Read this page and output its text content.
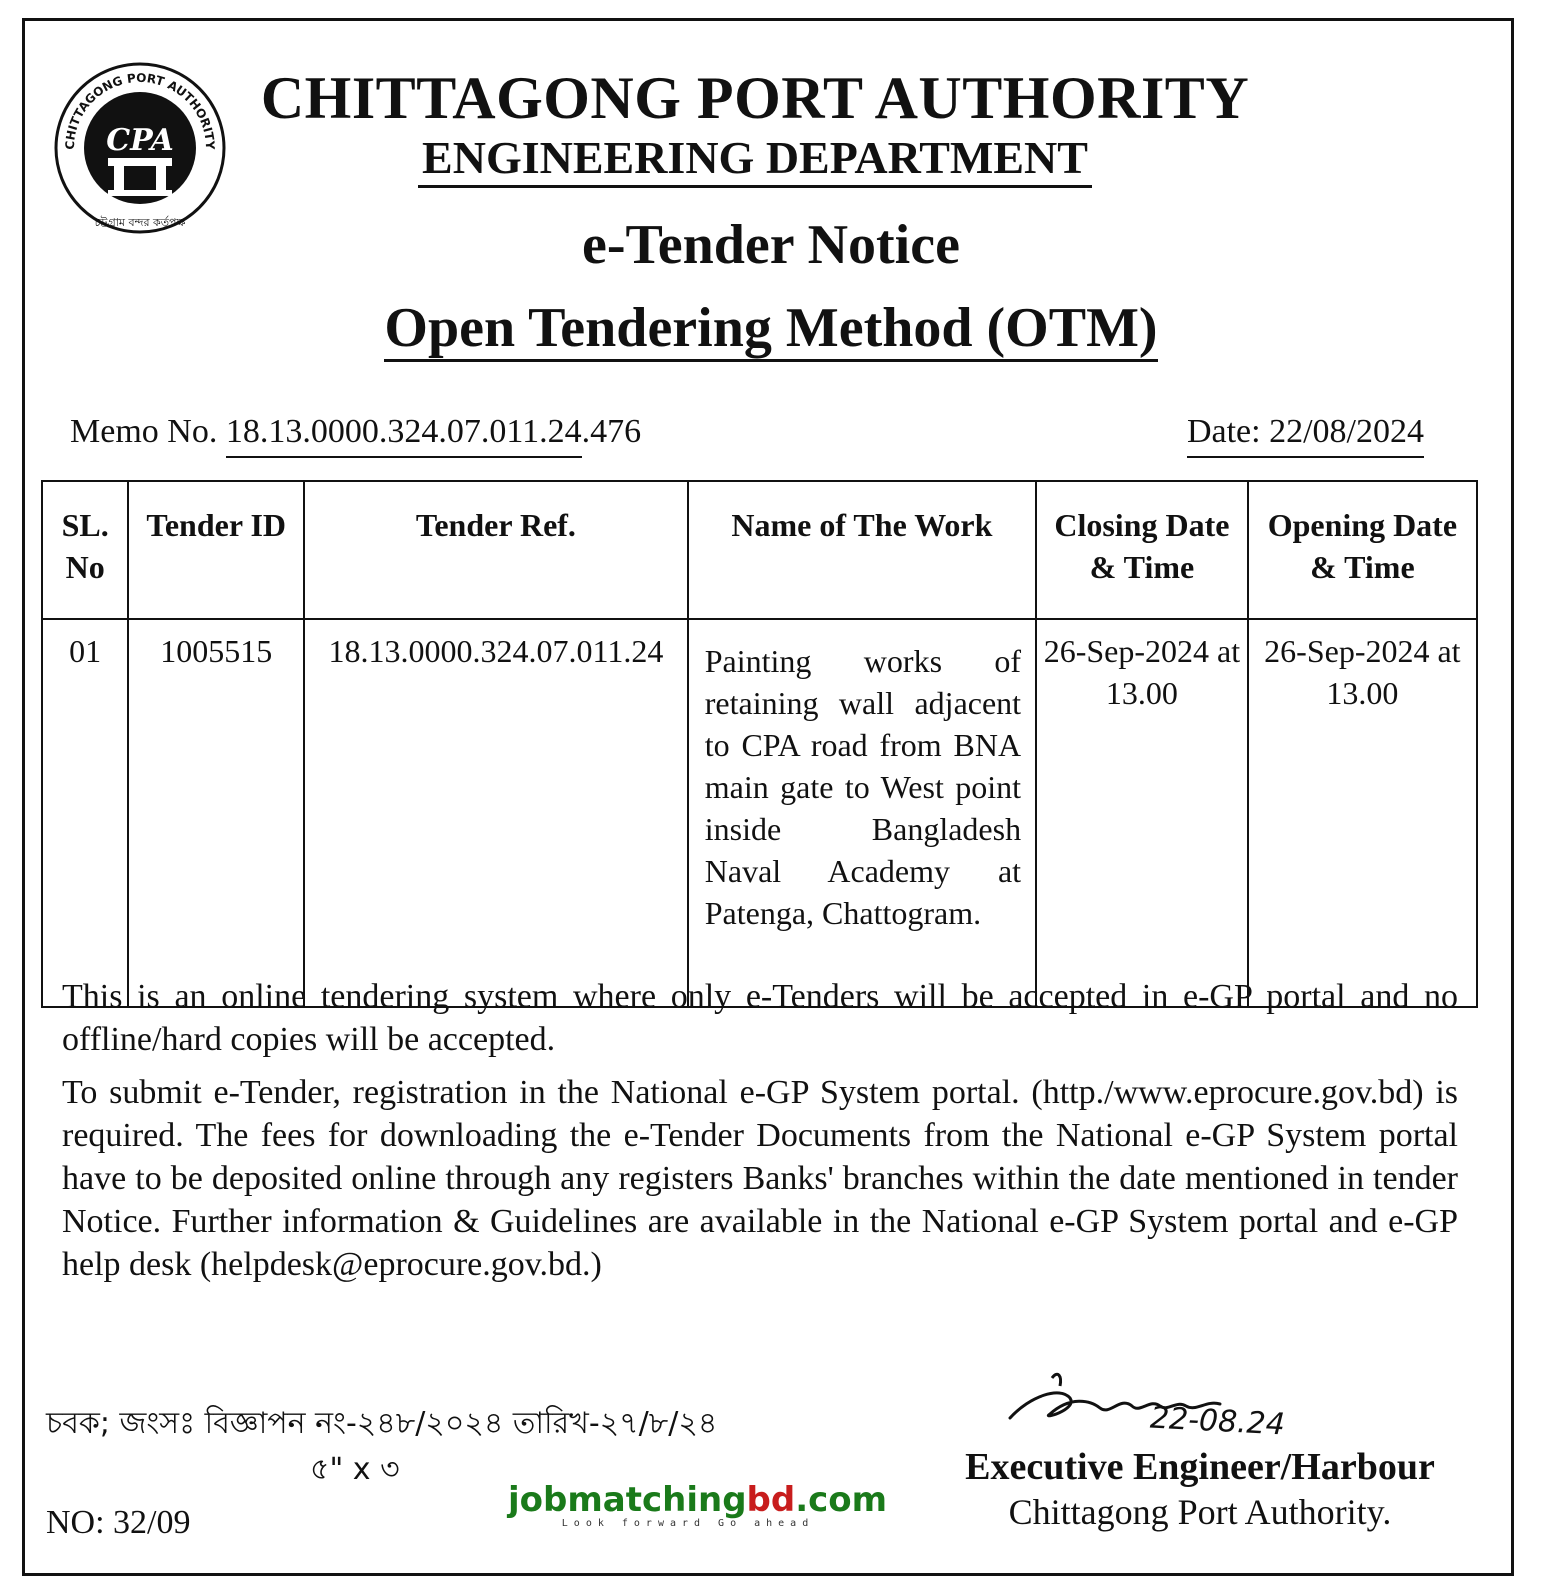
CHITTAGONG PORT AUTHORITY
CPA
চট্টগ্রাম বন্দর কর্তৃপক্ষ
CHITTAGONG PORT AUTHORITY
ENGINEERING DEPARTMENT
e-Tender Notice
Open Tendering Method (OTM)
Memo No. 18.13.0000.324.07.011.24.476	Date: 22/08/2024
SL. No	Tender ID	Tender Ref.	Name of The Work	Closing Date & Time	Opening Date & Time
01	1005515	18.13.0000.324.07.011.24	Painting works of retaining wall adjacent to CPA road from BNA main gate to West point inside Bangladesh Naval Academy at Patenga, Chattogram.	26-Sep-2024 at 13.00	26-Sep-2024 at 13.00
This is an online tendering system where only e-Tenders will be accepted in e-GP portal and no offline/hard copies will be accepted.
To submit e-Tender, registration in the National e-GP System portal. (http./www.eprocure.gov.bd) is required. The fees for downloading the e-Tender Documents from the National e-GP System portal have to be deposited online through any registers Banks' branches within the date mentioned in tender Notice. Further information & Guidelines are available in the National e-GP System portal and e-GP help desk (helpdesk@eprocure.gov.bd.)
চবক; জংসঃ বিজ্ঞাপন নং-২৪৮/২০২৪ তারিখ-২৭/৮/২৪
৫" x ৩
NO: 32/09
22-08.24
Executive Engineer/Harbour
Chittagong Port Authority.
jobmatchingbd.com
Look forward Go ahead
